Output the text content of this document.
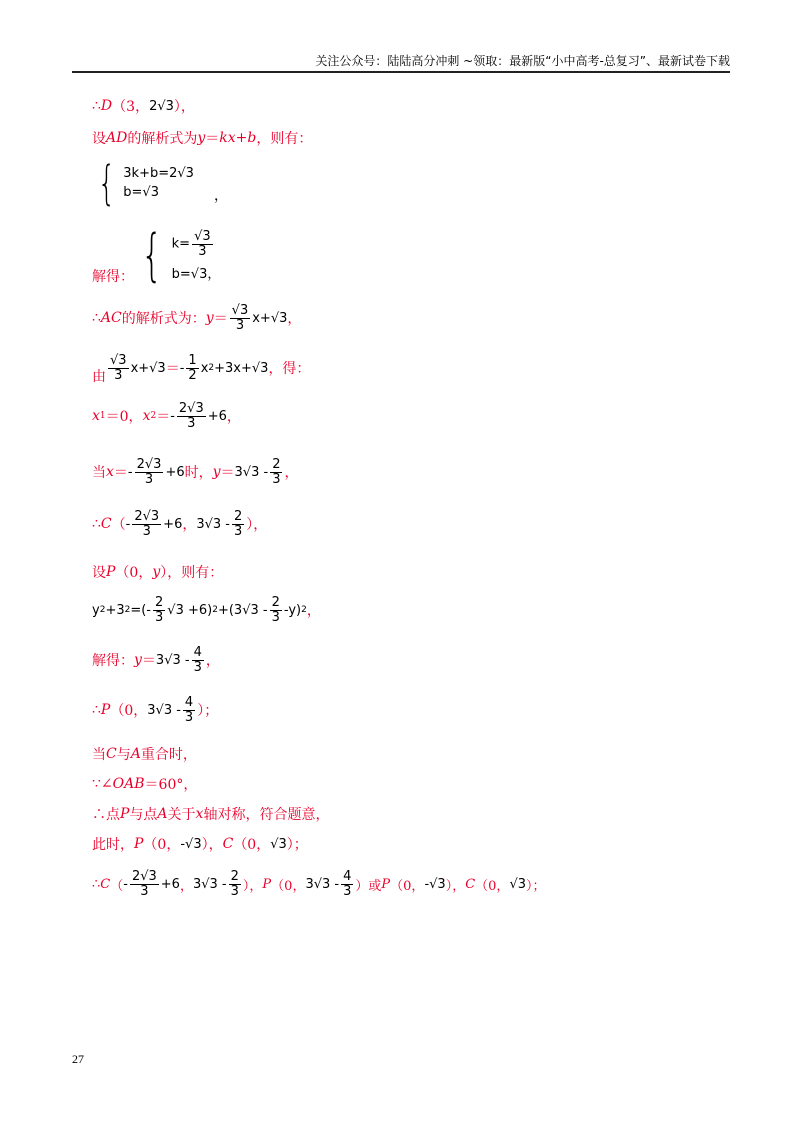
关注公众号：陆陆高分冲刺 ~领取：最新版“小中高考-总复习”、最新试卷下载
∴ D （3， 2√3 ），
设 AD 的解析式为 y ＝ kx + b ，则有：
{ 3k+b=2√3
b=√3	，
解得： { $k= \frac{√3}{3}$
b=√3，
∴ AC 的解析式为： $y = \frac{√3}{3} x+√3$ ，
由 $\frac{√3}{3} x+√3$ ＝ - $\frac{1}{2}$ x 2 +3x+√3 ，得：
x 1 ＝0， x 2 ＝ - $\frac{2√3}{3} +6$ ，
当 x ＝ - $\frac{2√3}{3} +6$ 时， $y = 3√3 - \frac{2}{3}$ ，
∴ C （ - $\frac{2√3}{3} +6$ ， $3√3 - \frac{2}{3}$ ），
设 P （0， y ），则有：
y 2 +3 2 =(- $\frac{2}{3} √3 +6$) $2 +(3√3 - \frac{2}{3} -y)$ 2 ，
解得： $y = 3√3 - \frac{4}{3}$ ，
∴ P （0， $3√3 - \frac{4}{3}$ ）；
当 C 与 A 重合时，
∵∠ OAB ＝60°，
∴点 P 与点 A 关于 x 轴对称，符合题意，
此时， P （0， -√3 ）， C （0， √3 ）；
∴ C （ - $\frac{2√3}{3} +6$ ， $3√3 - \frac{2}{3}$ ）， P （0， $3√3 - \frac{4}{3}$ ）或 P （0， -√3 ）， C （0， √3 ）；
27
